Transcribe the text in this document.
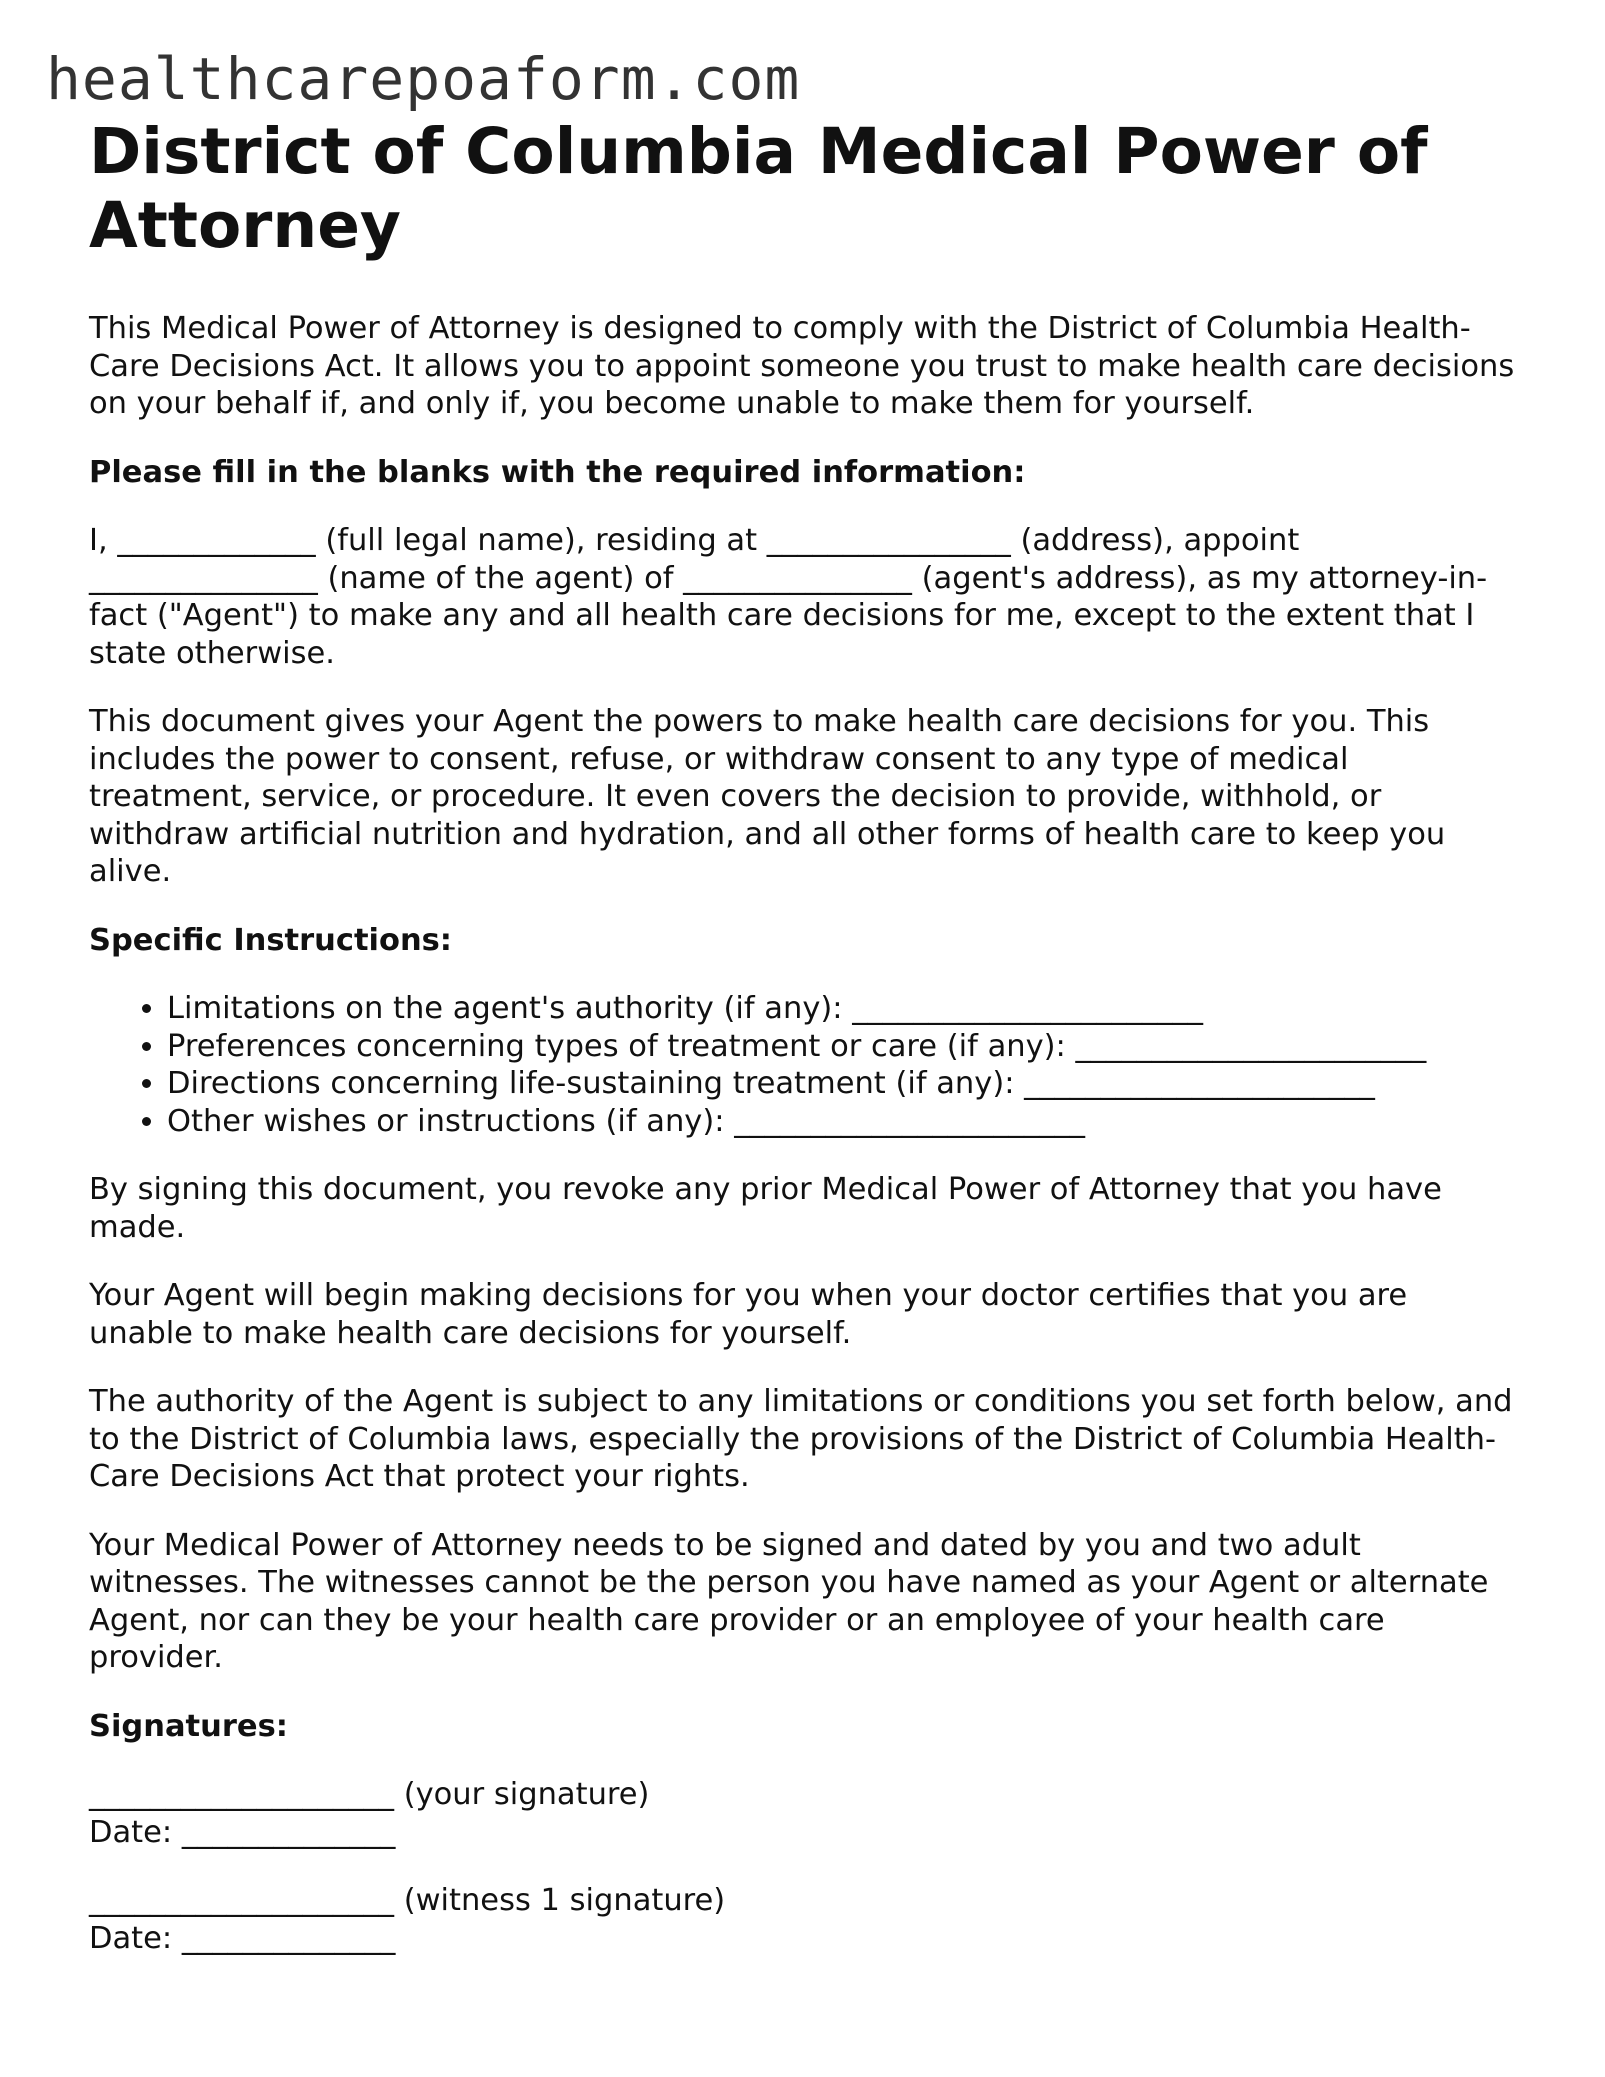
healthcarepoaform.com
District of Columbia Medical Power of Attorney

This Medical Power of Attorney is designed to comply with the District of Columbia Health-Care Decisions Act. It allows you to appoint someone you trust to make health care decisions on your behalf if, and only if, you become unable to make them for yourself.

Please fill in the blanks with the required information:

I, _____________ (full legal name), residing at ________________ (address), appoint _______________ (name of the agent) of _______________ (agent's address), as my attorney-in-fact ("Agent") to make any and all health care decisions for me, except to the extent that I state otherwise.

This document gives your Agent the powers to make health care decisions for you. This includes the power to consent, refuse, or withdraw consent to any type of medical treatment, service, or procedure. It even covers the decision to provide, withhold, or withdraw artificial nutrition and hydration, and all other forms of health care to keep you alive.

Specific Instructions:

• Limitations on the agent's authority (if any): _______________________
• Preferences concerning types of treatment or care (if any): _______________________
• Directions concerning life-sustaining treatment (if any): _______________________
• Other wishes or instructions (if any): _______________________

By signing this document, you revoke any prior Medical Power of Attorney that you have made.

Your Agent will begin making decisions for you when your doctor certifies that you are unable to make health care decisions for yourself.

The authority of the Agent is subject to any limitations or conditions you set forth below, and to the District of Columbia laws, especially the provisions of the District of Columbia Health-Care Decisions Act that protect your rights.

Your Medical Power of Attorney needs to be signed and dated by you and two adult witnesses. The witnesses cannot be the person you have named as your Agent or alternate Agent, nor can they be your health care provider or an employee of your health care provider.

Signatures:

____________________ (your signature)
Date: ______________
____________________ (witness 1 signature)
Date: ______________
